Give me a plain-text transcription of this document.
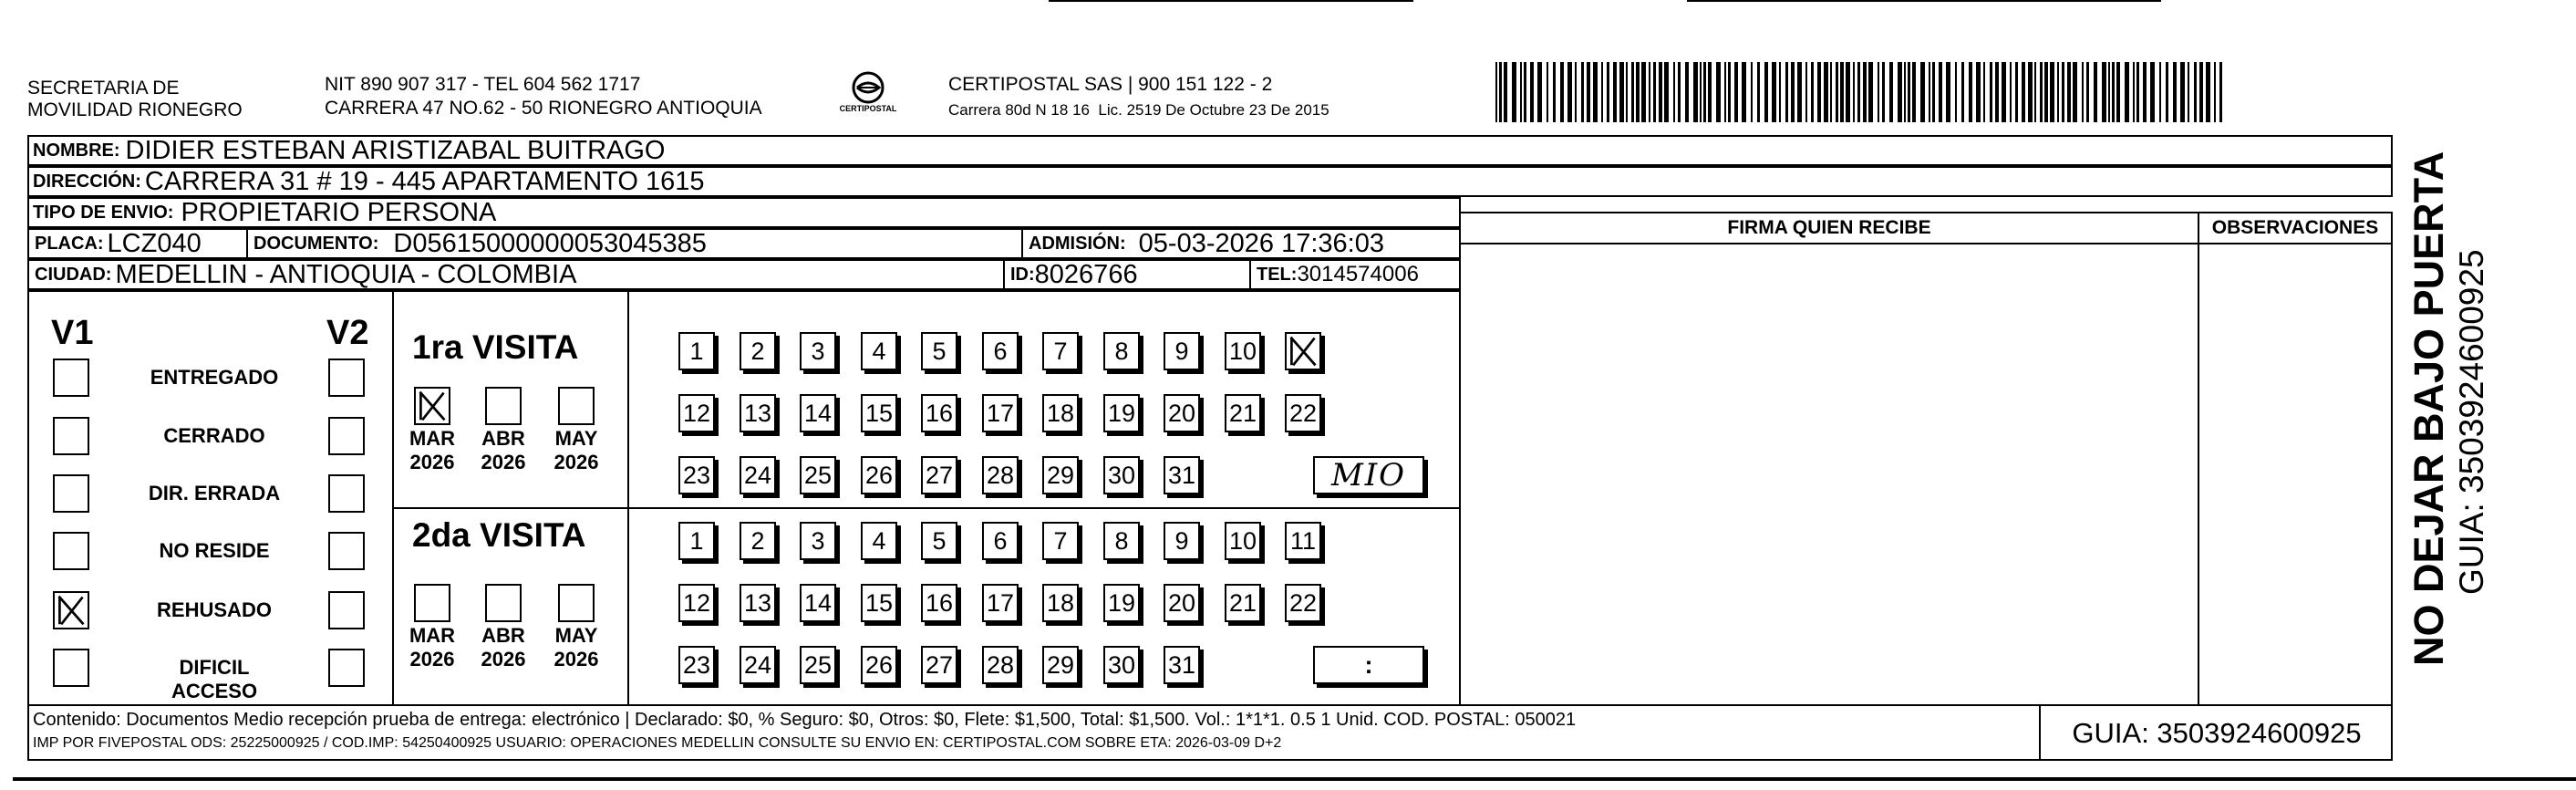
SECRETARIA DE
MOVILIDAD RIONEGRO
NIT 890 907 317 - TEL 604 562 1717
CARRERA 47 NO.62 - 50 RIONEGRO ANTIOQUIA	CERTIPOSTAL
CERTIPOSTAL SAS | 900 151 122 - 2
Carrera 80d N 18 16  Lic. 2519 De Octubre 23 De 2015
NOMBRE: DIDIER ESTEBAN ARISTIZABAL BUITRAGO
DIRECCIÓN: CARRERA 31 # 19 - 445 APARTAMENTO 1615
TIPO DE ENVIO: PROPIETARIO PERSONA
PLACA: LCZ040	DOCUMENTO: D05615000000053045385	ADMISIÓN: 05-03-2026 17:36:03
CIUDAD: MEDELLIN - ANTIOQUIA - COLOMBIA	ID: 8026766	TEL: 3014574006
FIRMA QUIEN RECIBE	OBSERVACIONES
V1	V2
ENTREGADO
CERRADO
DIR. ERRADA
NO RESIDE
REHUSADO
DIFICIL ACCESO
1ra VISITA
2da VISITA
MAR
2026
ABR
2026
MAY
2026
MAR
2026
ABR
2026
MAY
2026
1 2 3 4 5 6 7 8 9 10
12 13 14 15 16 17 18 19 20 21 22
23 24 25 26 27 28 29 30 31
1 2 3 4 5 6 7 8 9 10 11
12 13 14 15 16 17 18 19 20 21 22
23 24 25 26 27 28 29 30 31
MIO
:
Contenido: Documentos Medio recepción prueba de entrega: electrónico | Declarado: $0, % Seguro: $0, Otros: $0, Flete: $1,500, Total: $1,500. Vol.: 1*1*1. 0.5 1 Unid. COD. POSTAL: 050021
IMP POR FIVEPOSTAL ODS: 25225000925 / COD.IMP: 54250400925 USUARIO: OPERACIONES MEDELLIN CONSULTE SU ENVIO EN: CERTIPOSTAL.COM SOBRE ETA: 2026-03-09 D+2	GUIA: 3503924600925
NO DEJAR BAJO PUERTA GUIA: 3503924600925
